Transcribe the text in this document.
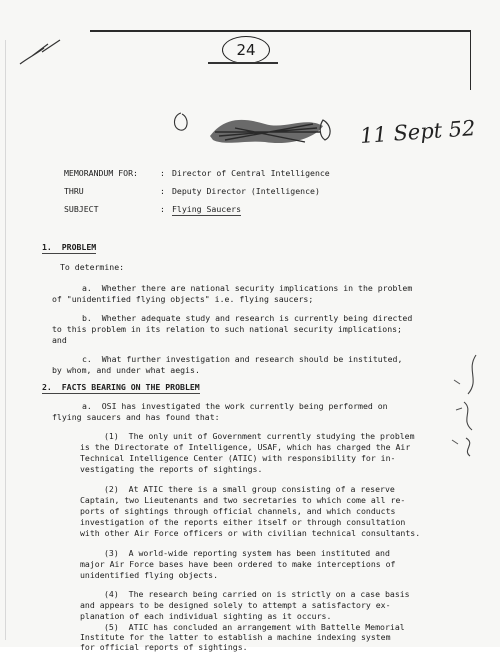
24
11 Sept 52
MEMORANDUM FOR:	: Director of Central Intelligence
THRU	: Deputy Director (Intelligence)
SUBJECT	: Flying Saucers
1.  PROBLEM
To determine:
a.  Whether there are national security implications in the problem
of "unidentified flying objects" i.e. flying saucers;
b.  Whether adequate study and research is currently being directed
to this problem in its relation to such national security implications;
and
c.  What further investigation and research should be instituted,
by whom, and under what aegis.
2.  FACTS BEARING ON THE PROBLEM
a.  OSI has investigated the work currently being performed on
flying saucers and has found that:
(1)  The only unit of Government currently studying the problem
is the Directorate of Intelligence, USAF, which has charged the Air
Technical Intelligence Center (ATIC) with responsibility for in-
vestigating the reports of sightings.
(2)  At ATIC there is a small group consisting of a reserve
Captain, two Lieutenants and two secretaries to which come all re-
ports of sightings through official channels, and which conducts
investigation of the reports either itself or through consultation
with other Air Force officers or with civilian technical consultants.
(3)  A world-wide reporting system has been instituted and
major Air Force bases have been ordered to make interceptions of
unidentified flying objects.
(4)  The research being carried on is strictly on a case basis
and appears to be designed solely to attempt a satisfactory ex-
planation of each individual sighting as it occurs.
(5)  ATIC has concluded an arrangement with Battelle Memorial
Institute for the latter to establish a machine indexing system
for official reports of sightings.
